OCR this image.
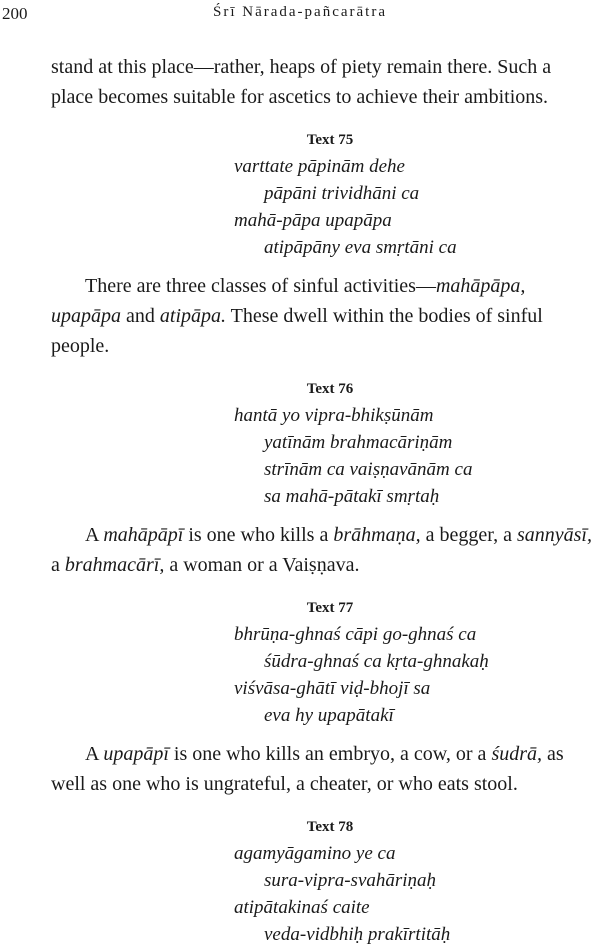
200	Śrī Nārada-pañcarātra

stand at this place—rather, heaps of piety remain there. Such a

place becomes suitable for ascetics to achieve their ambitions.

Text 75
varttate pāpinām dehe
pāpāni trividhāni ca
mahā-pāpa upapāpa
atipāpāny eva smṛtāni ca

There are three classes of sinful activities—mahāpāpa,
upapāpa and atipāpa. These dwell within the bodies of sinful people.

Text 76
hantā yo vipra-bhikṣūnām
yatīnām brahmacāriṇām
strīnām ca vaiṣṇavānām ca
sa mahā-pātakī smṛtaḥ

A mahāpāpī is one who kills a brāhmaṇa, a begger, a sannyāsī, a brahmacārī, a woman or a Vaiṣṇava.

Text 77
bhrūṇa-ghnaś cāpi go-ghnaś ca
śūdra-ghnaś ca kṛta-ghnakaḥ
viśvāsa-ghātī viḍ-bhojī sa
eva hy upapātakī

A upapāpī is one who kills an embryo, a cow, or a śudrā, as well as one who is ungrateful, a cheater, or who eats stool.

Text 78
agamyāgamino ye ca
sura-vipra-svahāriṇaḥ
atipātakinaś caite
veda-vidbhiḥ prakīrtitāḥ
